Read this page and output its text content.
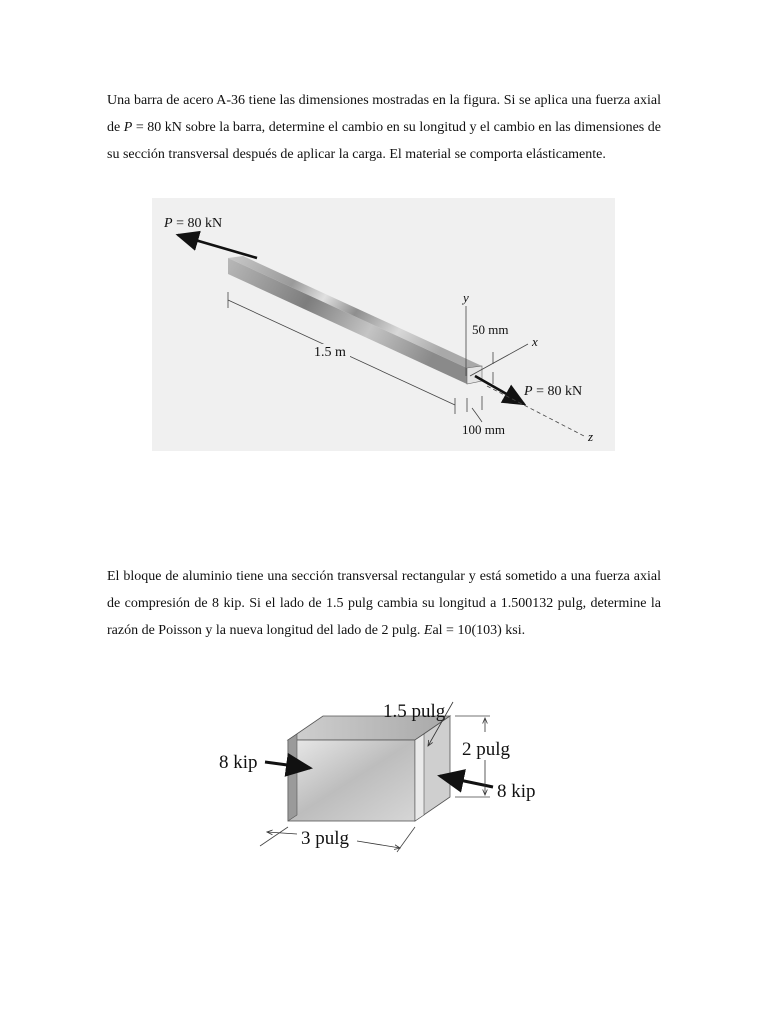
Una barra de acero A-36 tiene las dimensiones mostradas en la figura. Si se aplica una fuerza axial de P = 80 kN sobre la barra, determine el cambio en su longitud y el cambio en las dimensiones de su sección transversal después de aplicar la carga. El material se comporta elásticamente.
P = 80 kN
P = 80 kN
1.5 m
50 mm
100 mm
y
x
z
El bloque de aluminio tiene una sección transversal rectangular y está sometido a una fuerza axial de compresión de 8 kip. Si el lado de 1.5 pulg cambia su longitud a 1.500132 pulg, determine la razón de Poisson y la nueva longitud del lado de 2 pulg. Eal = 10(103) ksi.
8 kip
8 kip
1.5 pulg
2 pulg
3 pulg
